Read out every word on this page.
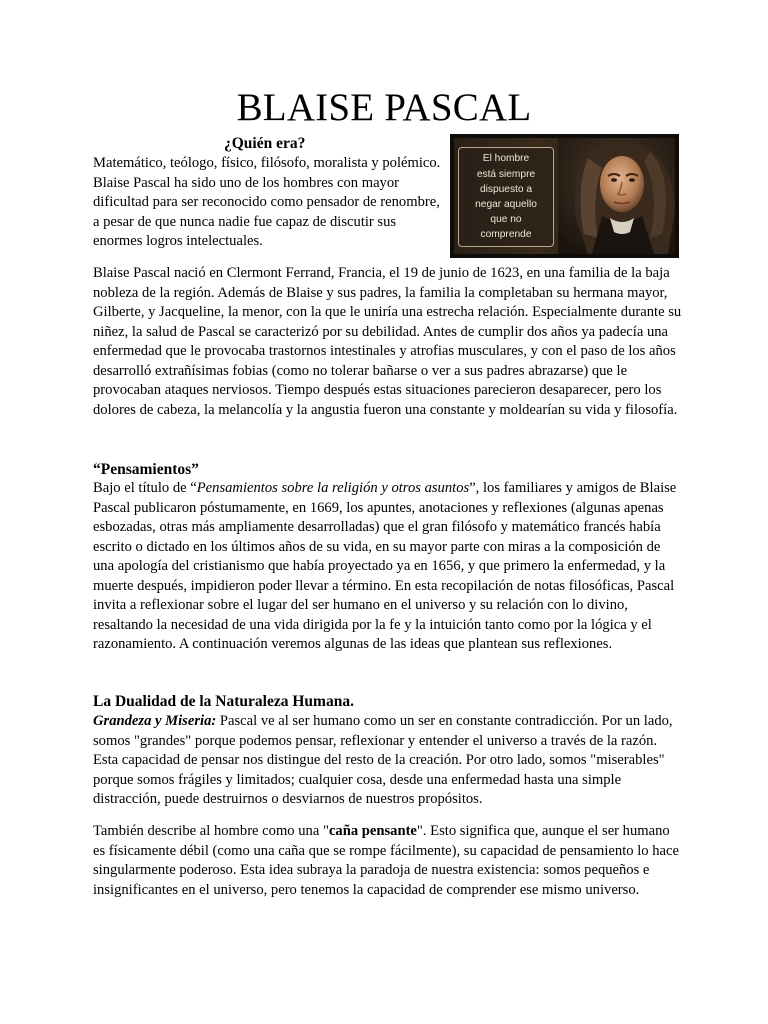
BLAISE PASCAL

¿Quién era?

Matemático, teólogo, físico, filósofo, moralista y polémico. Blaise Pascal ha sido uno de los hombres con mayor dificultad para ser reconocido como pensador de renombre, a pesar de que nunca nadie fue capaz de discutir sus enormes logros intelectuales.

El hombre
está siempre
dispuesto a
negar aquello
que no
comprende

Blaise Pascal nació en Clermont Ferrand, Francia, el 19 de junio de 1623, en una familia de la baja nobleza de la región. Además de Blaise y sus padres, la familia la completaban su hermana mayor, Gilberte, y Jacqueline, la menor, con la que le uniría una estrecha relación. Especialmente durante su niñez, la salud de Pascal se caracterizó por su debilidad. Antes de cumplir dos años ya padecía una enfermedad que le provocaba trastornos intestinales y atrofias musculares, y con el paso de los años desarrolló extrañísimas fobias (como no tolerar bañarse o ver a sus padres abrazarse) que le provocaban ataques nerviosos. Tiempo después estas situaciones parecieron desaparecer, pero los dolores de cabeza, la melancolía y la angustia fueron una constante y moldearían su vida y filosofía.

“Pensamientos”

Bajo el título de “Pensamientos sobre la religión y otros asuntos”, los familiares y amigos de Blaise Pascal publicaron póstumamente, en 1669, los apuntes, anotaciones y reflexiones (algunas apenas esbozadas, otras más ampliamente desarrolladas) que el gran filósofo y matemático francés había escrito o dictado en los últimos años de su vida, en su mayor parte con miras a la composición de una apología del cristianismo que había proyectado ya en 1656, y que primero la enfermedad, y la muerte después, impidieron poder llevar a término. En esta recopilación de notas filosóficas, Pascal invita a reflexionar sobre el lugar del ser humano en el universo y su relación con lo divino, resaltando la necesidad de una vida dirigida por la fe y la intuición tanto como por la lógica y el razonamiento. A continuación veremos algunas de las ideas que plantean sus reflexiones.

La Dualidad de la Naturaleza Humana.

Grandeza y Miseria: Pascal ve al ser humano como un ser en constante contradicción. Por un lado, somos "grandes" porque podemos pensar, reflexionar y entender el universo a través de la razón. Esta capacidad de pensar nos distingue del resto de la creación. Por otro lado, somos "miserables" porque somos frágiles y limitados; cualquier cosa, desde una enfermedad hasta una simple distracción, puede destruirnos o desviarnos de nuestros propósitos.

También describe al hombre como una "caña pensante". Esto significa que, aunque el ser humano es físicamente débil (como una caña que se rompe fácilmente), su capacidad de pensamiento lo hace singularmente poderoso. Esta idea subraya la paradoja de nuestra existencia: somos pequeños e insignificantes en el universo, pero tenemos la capacidad de comprender ese mismo universo.
